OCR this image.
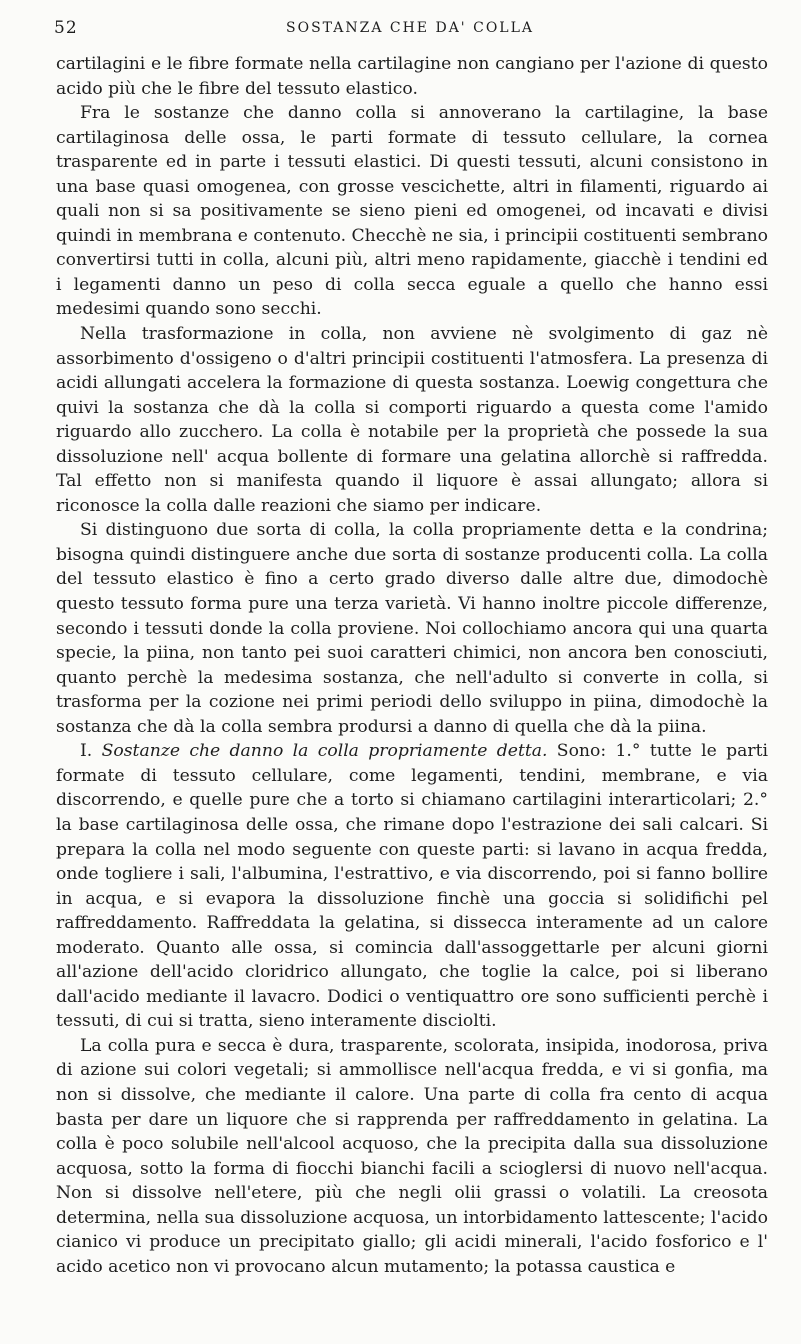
52	SOSTANZA CHE DA' COLLA

cartilagini e le fibre formate nella cartilagine non cangiano per l'azione di questo acido più che le fibre del tessuto elastico.

Fra le sostanze che danno colla si annoverano la cartilagine, la base cartilaginosa delle ossa, le parti formate di tessuto cellulare, la cornea trasparente ed in parte i tessuti elastici. Di questi tessuti, alcuni consistono in una base quasi omogenea, con grosse vescichette, altri in filamenti, riguardo ai quali non si sa positivamente se sieno pieni ed omogenei, od incavati e divisi quindi in membrana e contenuto. Checchè ne sia, i principii costituenti sembrano convertirsi tutti in colla, alcuni più, altri meno rapidamente, giacchè i tendini ed i legamenti danno un peso di colla secca eguale a quello che hanno essi medesimi quando sono secchi.

Nella trasformazione in colla, non avviene nè svolgimento di gaz nè assorbimento d'ossigeno o d'altri principii costituenti l'atmosfera. La presenza di acidi allungati accelera la formazione di questa sostanza. Loewig congettura che quivi la sostanza che dà la colla si comporti riguardo a questa come l'amido riguardo allo zucchero. La colla è notabile per la proprietà che possede la sua dissoluzione nell' acqua bollente di formare una gelatina allorchè si raffredda. Tal effetto non si manifesta quando il liquore è assai allungato; allora si riconosce la colla dalle reazioni che siamo per indicare.

Si distinguono due sorta di colla, la colla propriamente detta e la condrina; bisogna quindi distinguere anche due sorta di sostanze producenti colla. La colla del tessuto elastico è fino a certo grado diverso dalle altre due, dimodochè questo tessuto forma pure una terza varietà. Vi hanno inoltre piccole differenze, secondo i tessuti donde la colla proviene. Noi collochiamo ancora qui una quarta specie, la piina, non tanto pei suoi caratteri chimici, non ancora ben conosciuti, quanto perchè la medesima sostanza, che nell'adulto si converte in colla, si trasforma per la cozione nei primi periodi dello sviluppo in piina, dimodochè la sostanza che dà la colla sembra prodursi a danno di quella che dà la piina.

I. Sostanze che danno la colla propriamente detta. Sono: 1.° tutte le parti formate di tessuto cellulare, come legamenti, tendini, membrane, e via discorrendo, e quelle pure che a torto si chiamano cartilagini interarticolari; 2.° la base cartilaginosa delle ossa, che rimane dopo l'estrazione dei sali calcari. Si prepara la colla nel modo seguente con queste parti: si lavano in acqua fredda, onde togliere i sali, l'albumina, l'estrattivo, e via discorrendo, poi si fanno bollire in acqua, e si evapora la dissoluzione finchè una goccia si solidifichi pel raffreddamento. Raffreddata la gelatina, si dissecca interamente ad un calore moderato. Quanto alle ossa, si comincia dall'assoggettarle per alcuni giorni all'azione dell'acido cloridrico allungato, che toglie la calce, poi si liberano dall'acido mediante il lavacro. Dodici o ventiquattro ore sono sufficienti perchè i tessuti, di cui si tratta, sieno interamente disciolti.

La colla pura e secca è dura, trasparente, scolorata, insipida, inodorosa, priva di azione sui colori vegetali; si ammollisce nell'acqua fredda, e vi si gonfia, ma non si dissolve, che mediante il calore. Una parte di colla fra cento di acqua basta per dare un liquore che si rapprenda per raffreddamento in gelatina. La colla è poco solubile nell'alcool acquoso, che la precipita dalla sua dissoluzione acquosa, sotto la forma di fiocchi bianchi facili a scioglersi di nuovo nell'acqua. Non si dissolve nell'etere, più che negli olii grassi o volatili. La creosota determina, nella sua dissoluzione acquosa, un intorbidamento lattescente; l'acido cianico vi produce un precipitato giallo; gli acidi minerali, l'acido fosforico e l' acido acetico non vi provocano alcun mutamento; la potassa caustica e
